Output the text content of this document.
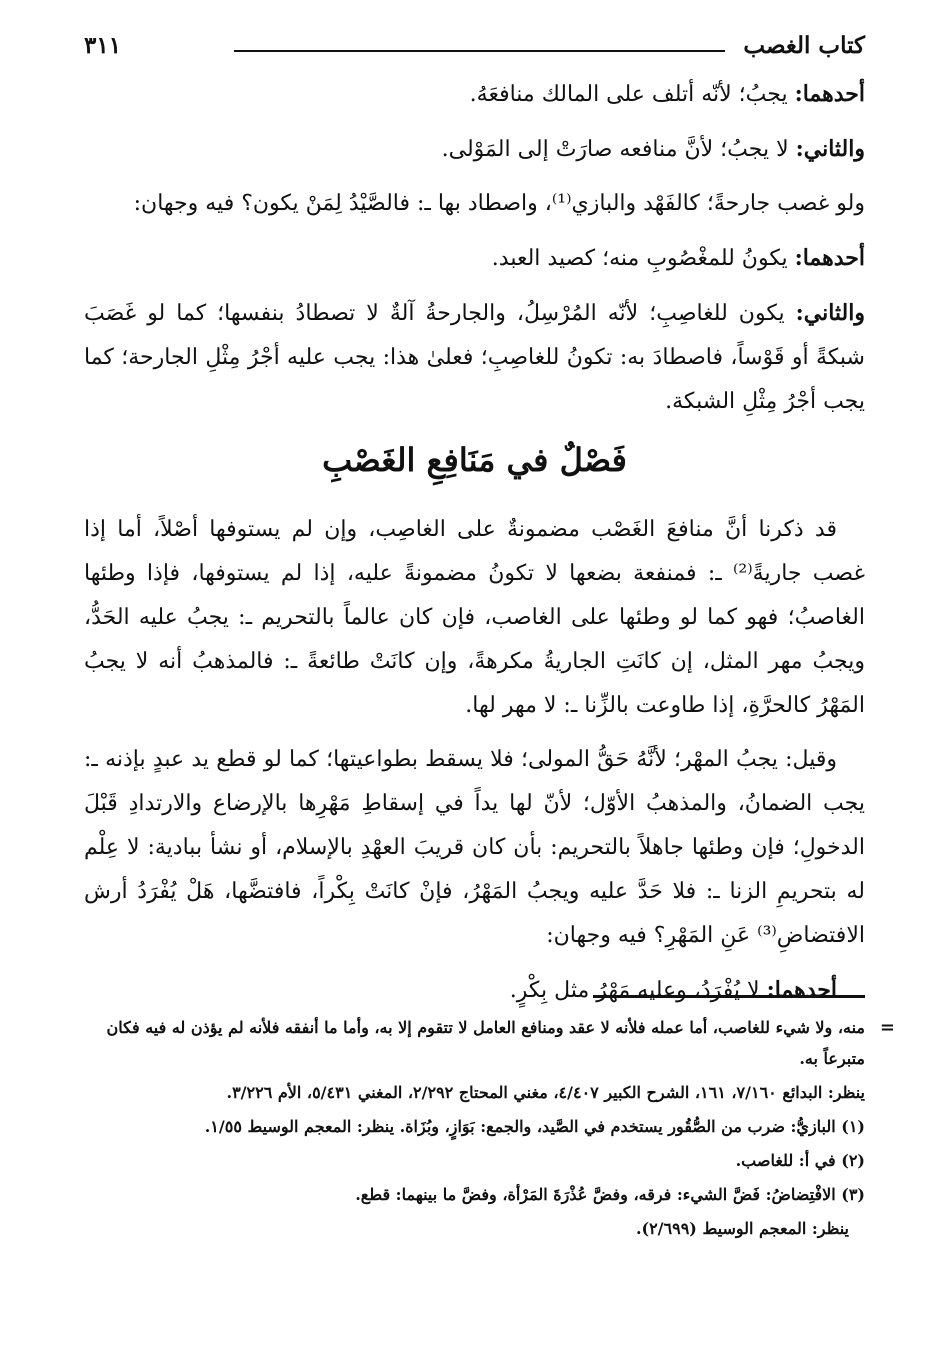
كتاب الغصب
٣١١

أحدهما: يجبُ؛ لأنّه أتلف على المالك منافعَهُ.

والثاني: لا يجبُ؛ لأنَّ منافعه صارَتْ إلى المَوْلى.

ولو غصب جارحةً؛ كالفَهْد والبازي⁽¹⁾، واصطاد بها ـ: فالصَّيْدُ لِمَنْ يكون؟ فيه وجهان:

أحدهما: يكونُ للمغْصُوبِ منه؛ كصيد العبد.

والثاني: يكون للغاصِبِ؛ لأنّه المُرْسِلُ، والجارحةُ آلةٌ لا تصطادُ بنفسها؛ كما لو غَصَبَ شبكةً أو قَوْساً، فاصطادَ به: تكونُ للغاصِبِ؛ فعلىٰ هذا: يجب عليه أجْرُ مِثْلِ الجارحة؛ كما يجب أجْرُ مِثْلِ الشبكة.

فَصْلٌ في مَنَافِعِ الغَصْبِ

قد ذكرنا أنَّ منافعَ الغَصْب مضمونةٌ على الغاصِب، وإن لم يستوفها أصْلاً، أما إذا غصب جاريةً⁽²⁾ ـ: فمنفعة بضعها لا تكونُ مضمونةً عليه، إذا لم يستوفها، فإذا وطئها الغاصبُ؛ فهو كما لو وطئها على الغاصب، فإن كان عالماً بالتحريم ـ: يجبُ عليه الحَدُّ، ويجبُ مهر المثل، إن كانَتِ الجاريةُ مكرهةً، وإن كانَتْ طائعةً ـ: فالمذهبُ أنه لا يجبُ المَهْرُ كالحرَّةِ، إذا طاوعت بالزِّنا ـ: لا مهر لها.

وقيل: يجبُ المهْر؛ لأنَّهُ حَقُّ المولى؛ فلا يسقط بطواعيتها؛ كما لو قطع يد عبدٍ بإذنه ـ: يجب الضمانُ، والمذهبُ الأوّل؛ لأنّ لها يداً في إسقاطِ مَهْرِها بالإرضاع والارتدادِ قَبْلَ الدخولِ؛ فإن وطئها جاهلاً بالتحريم: بأن كان قريبَ العهْدِ بالإسلام، أو نشأ ببادية: لا عِلْم له بتحريمِ الزنا ـ: فلا حَدَّ عليه ويجبُ المَهْرُ، فإنْ كانَتْ بِكْراً، فافتضَّها، هَلْ يُفْرَدُ أرش الافتضاضِ⁽³⁾ عَنِ المَهْرِ؟ فيه وجهان:

أحدهما: لا يُفْرَدُ، وعليه مَهْرُ مثل بِكْرٍ.

=
منه، ولا شيء للغاصب، أما عمله فلأنه لا عقد ومنافع العامل لا تتقوم إلا به، وأما ما أنفقه فلأنه لم يؤذن له فيه فكان متبرعاً به.

ينظر: البدائع ٧/١٦٠، ١٦١، الشرح الكبير ٤/٤٠٧، مغني المحتاج ٢/٢٩٢، المغني ٥/٤٣١، الأم ٣/٢٢٦.

(١) البازيُّ: ضرب من الصُّقُور يستخدم في الصَّيد، والجمع: بَوَازٍ، وبُزَاة. ينظر: المعجم الوسيط ١/٥٥.

(٢) في أ: للغاصب.

(٣) الافْتِضاضُ: فَضَّ الشيء: فرقه، وفضَّ عُذْرَةَ المَرْأة، وفضَّ ما بينهما: قطع.

ينظر: المعجم الوسيط (٢/٦٩٩).
